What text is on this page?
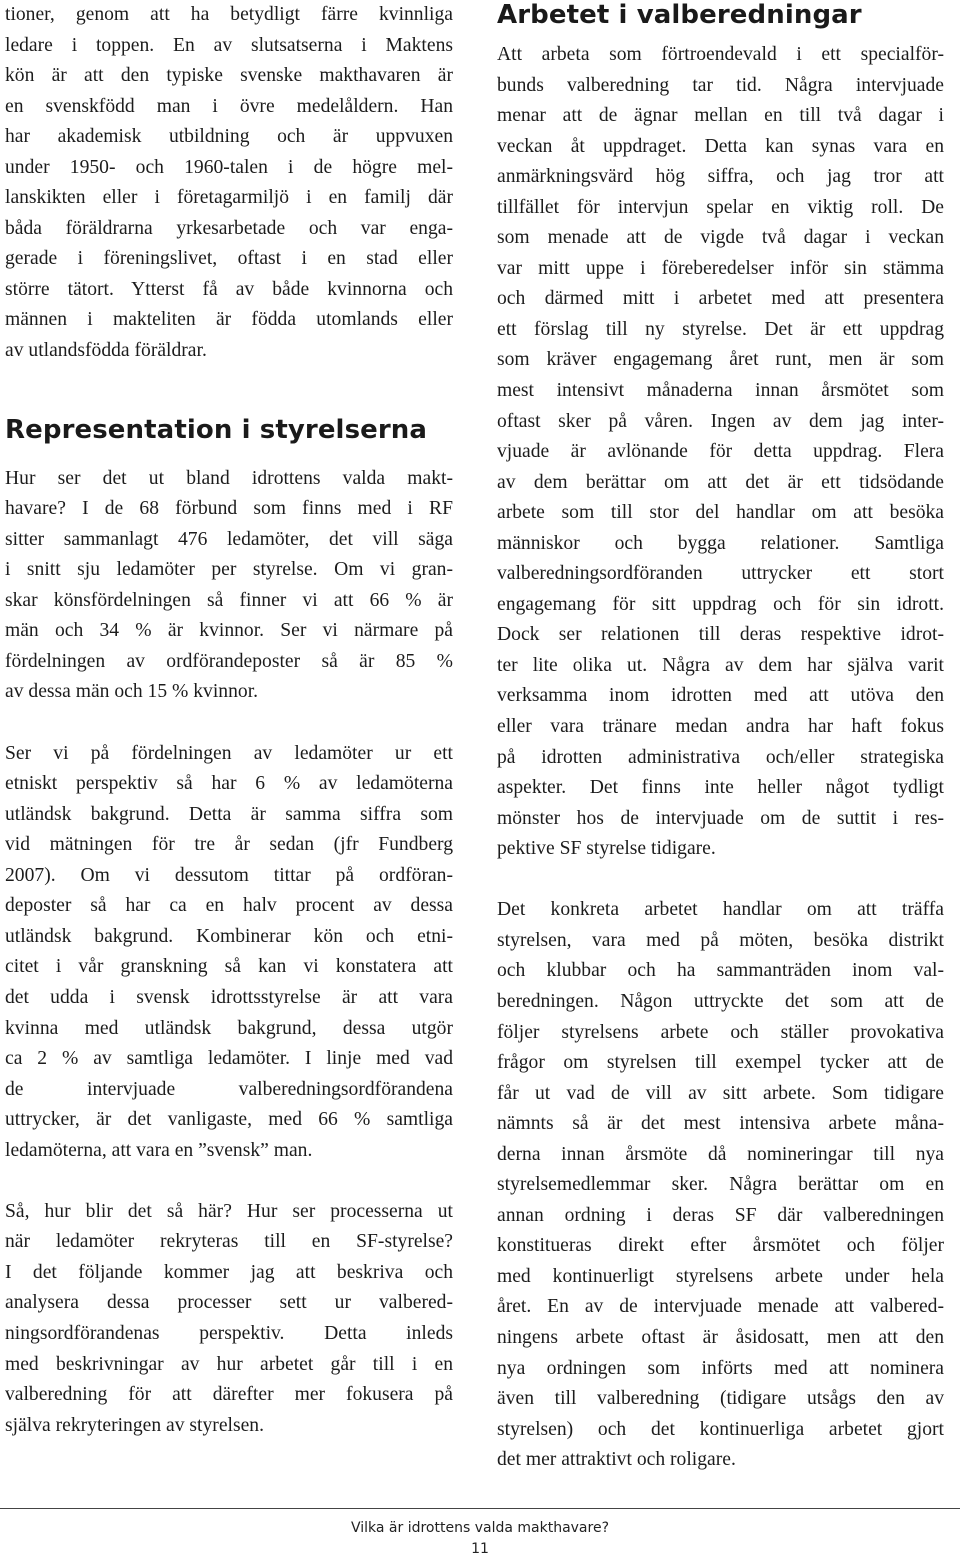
tioner, genom att ha betydligt färre kvinnliga
ledare i toppen. En av slutsatserna i Maktens
kön är att den typiske svenske makthavaren är
en svenskfödd man i övre medelåldern. Han
har akademisk utbildning och är uppvuxen
under 1950- och 1960-talen i de högre mel-
lanskikten eller i företagarmiljö i en familj där
båda föräldrarna yrkesarbetade och var enga-
gerade i föreningslivet, oftast i en stad eller
större tätort. Ytterst få av både kvinnorna och
männen i makteliten är födda utomlands eller
av utlandsfödda föräldrar.

Hur ser det ut bland idrottens valda makt-
havare? I de 68 förbund som finns med i RF
sitter sammanlagt 476 ledamöter, det vill säga
i snitt sju ledamöter per styrelse. Om vi gran-
skar könsfördelningen så finner vi att 66 % är
män och 34 % är kvinnor. Ser vi närmare på
fördelningen av ordförandeposter så är 85 %
av dessa män och 15 % kvinnor.

Ser vi på fördelningen av ledamöter ur ett
etniskt perspektiv så har 6 % av ledamöterna
utländsk bakgrund. Detta är samma siffra som
vid mätningen för tre år sedan (jfr Fundberg
2007). Om vi dessutom tittar på ordföran-
deposter så har ca en halv procent av dessa
utländsk bakgrund. Kombinerar kön och etni-
citet i vår granskning så kan vi konstatera att
det udda i svensk idrottsstyrelse är att vara
kvinna med utländsk bakgrund, dessa utgör
ca 2 % av samtliga ledamöter. I linje med vad
de intervjuade valberedningsordförandena
uttrycker, är det vanligaste, med 66 % samtliga
ledamöterna, att vara en ”svensk” man.

Så, hur blir det så här? Hur ser processerna ut
när ledamöter rekryteras till en SF-styrelse?
I det följande kommer jag att beskriva och
analysera dessa processer sett ur valbered-
ningsordförandenas perspektiv. Detta inleds
med beskrivningar av hur arbetet går till i en
valberedning för att därefter mer fokusera på
själva rekryteringen av styrelsen.

Representation i styrelserna
Arbetet i valberedningar

Att arbeta som förtroendevald i ett specialför-
bunds valberedning tar tid. Några intervjuade
menar att de ägnar mellan en till två dagar i
veckan åt uppdraget. Detta kan synas vara en
anmärkningsvärd hög siffra, och jag tror att
tillfället för intervjun spelar en viktig roll. De
som menade att de vigde två dagar i veckan
var mitt uppe i föreberedelser inför sin stämma
och därmed mitt i arbetet med att presentera
ett förslag till ny styrelse. Det är ett uppdrag
som kräver engagemang året runt, men är som
mest intensivt månaderna innan årsmötet som
oftast sker på våren. Ingen av dem jag inter-
vjuade är avlönande för detta uppdrag. Flera
av dem berättar om att det är ett tidsödande
arbete som till stor del handlar om att besöka
människor och bygga relationer. Samtliga
valberedningsordföranden uttrycker ett stort
engagemang för sitt uppdrag och för sin idrott.
Dock ser relationen till deras respektive idrot-
ter lite olika ut. Några av dem har själva varit
verksamma inom idrotten med att utöva den
eller vara tränare medan andra har haft fokus
på idrotten administrativa och/eller strategiska
aspekter. Det finns inte heller något tydligt
mönster hos de intervjuade om de suttit i res-
pektive SF styrelse tidigare.

Det konkreta arbetet handlar om att träffa
styrelsen, vara med på möten, besöka distrikt
och klubbar och ha sammanträden inom val-
beredningen. Någon uttryckte det som att de
följer styrelsens arbete och ställer provokativa
frågor om styrelsen till exempel tycker att de
får ut vad de vill av sitt arbete. Som tidigare
nämnts så är det mest intensiva arbete måna-
derna innan årsmöte då nomineringar till nya
styrelsemedlemmar sker. Några berättar om en
annan ordning i deras SF där valberedningen
konstitueras direkt efter årsmötet och följer
med kontinuerligt styrelsens arbete under hela
året. En av de intervjuade menade att valbered-
ningens arbete oftast är åsidosatt, men att den
nya ordningen som införts med att nominera
även till valberedning (tidigare utsågs den av
styrelsen) och det kontinuerliga arbetet gjort
det mer attraktivt och roligare.

Vilka är idrottens valda makthavare?
11
